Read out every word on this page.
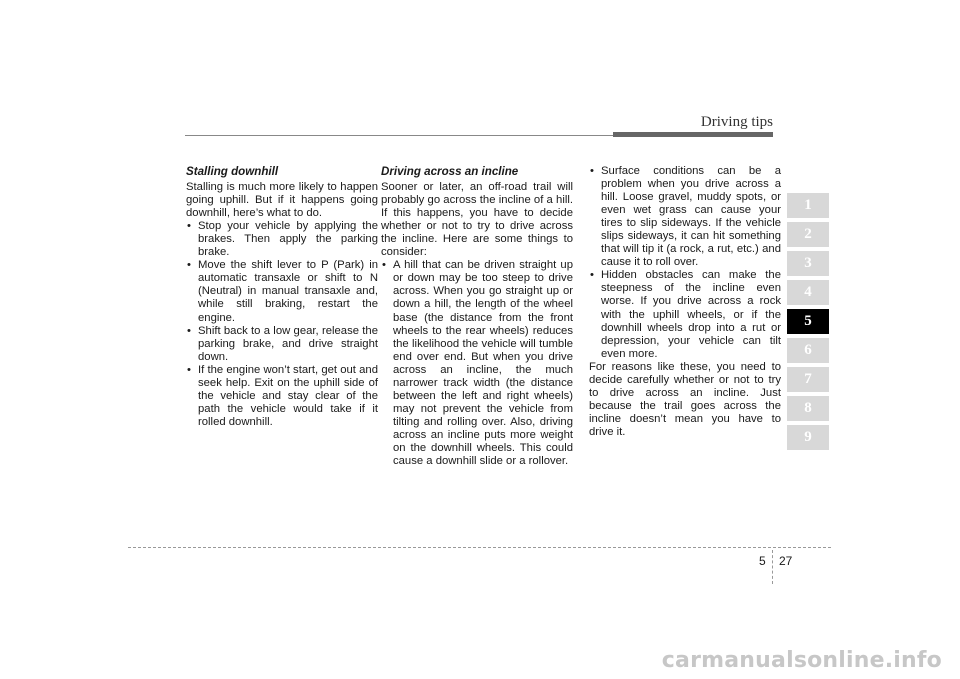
Driving tips

Stalling downhill

Stalling is much more likely to happen going uphill. But if it happens going downhill, here’s what to do.

• Stop your vehicle by applying the brakes. Then apply the parking brake.
• Move the shift lever to P (Park) in automatic transaxle or shift to N (Neutral) in manual transaxle and, while still braking, restart the engine.
• Shift back to a low gear, release the parking brake, and drive straight down.
• If the engine won’t start, get out and seek help. Exit on the uphill side of the vehicle and stay clear of the path the vehicle would take if it rolled downhill.

Driving across an incline

Sooner or later, an off-road trail will probably go across the incline of a hill. If this happens, you have to decide whether or not to try to drive across the incline. Here are some things to consider:

• A hill that can be driven straight up or down may be too steep to drive across. When you go straight up or down a hill, the length of the wheel base (the distance from the front wheels to the rear wheels) reduces the likelihood the vehicle will tumble end over end. But when you drive across an incline, the much narrower track width (the distance between the left and right wheels) may not prevent the vehicle from tilting and rolling over. Also, driving across an incline puts more weight on the downhill wheels. This could cause a downhill slide or a rollover.
• Surface conditions can be a problem when you drive across a hill. Loose gravel, muddy spots, or even wet grass can cause your tires to slip sideways. If the vehicle slips sideways, it can hit something that will tip it (a rock, a rut, etc.) and cause it to roll over.
• Hidden obstacles can make the steepness of the incline even worse. If you drive across a rock with the uphill wheels, or if the downhill wheels drop into a rut or depression, your vehicle can tilt even more.

For reasons like these, you need to decide carefully whether or not to try to drive across an incline. Just because the trail goes across the incline doesn’t mean you have to drive it.

1
2
3
4
5
6
7
8
9
5 27
carmanualsonline.info
